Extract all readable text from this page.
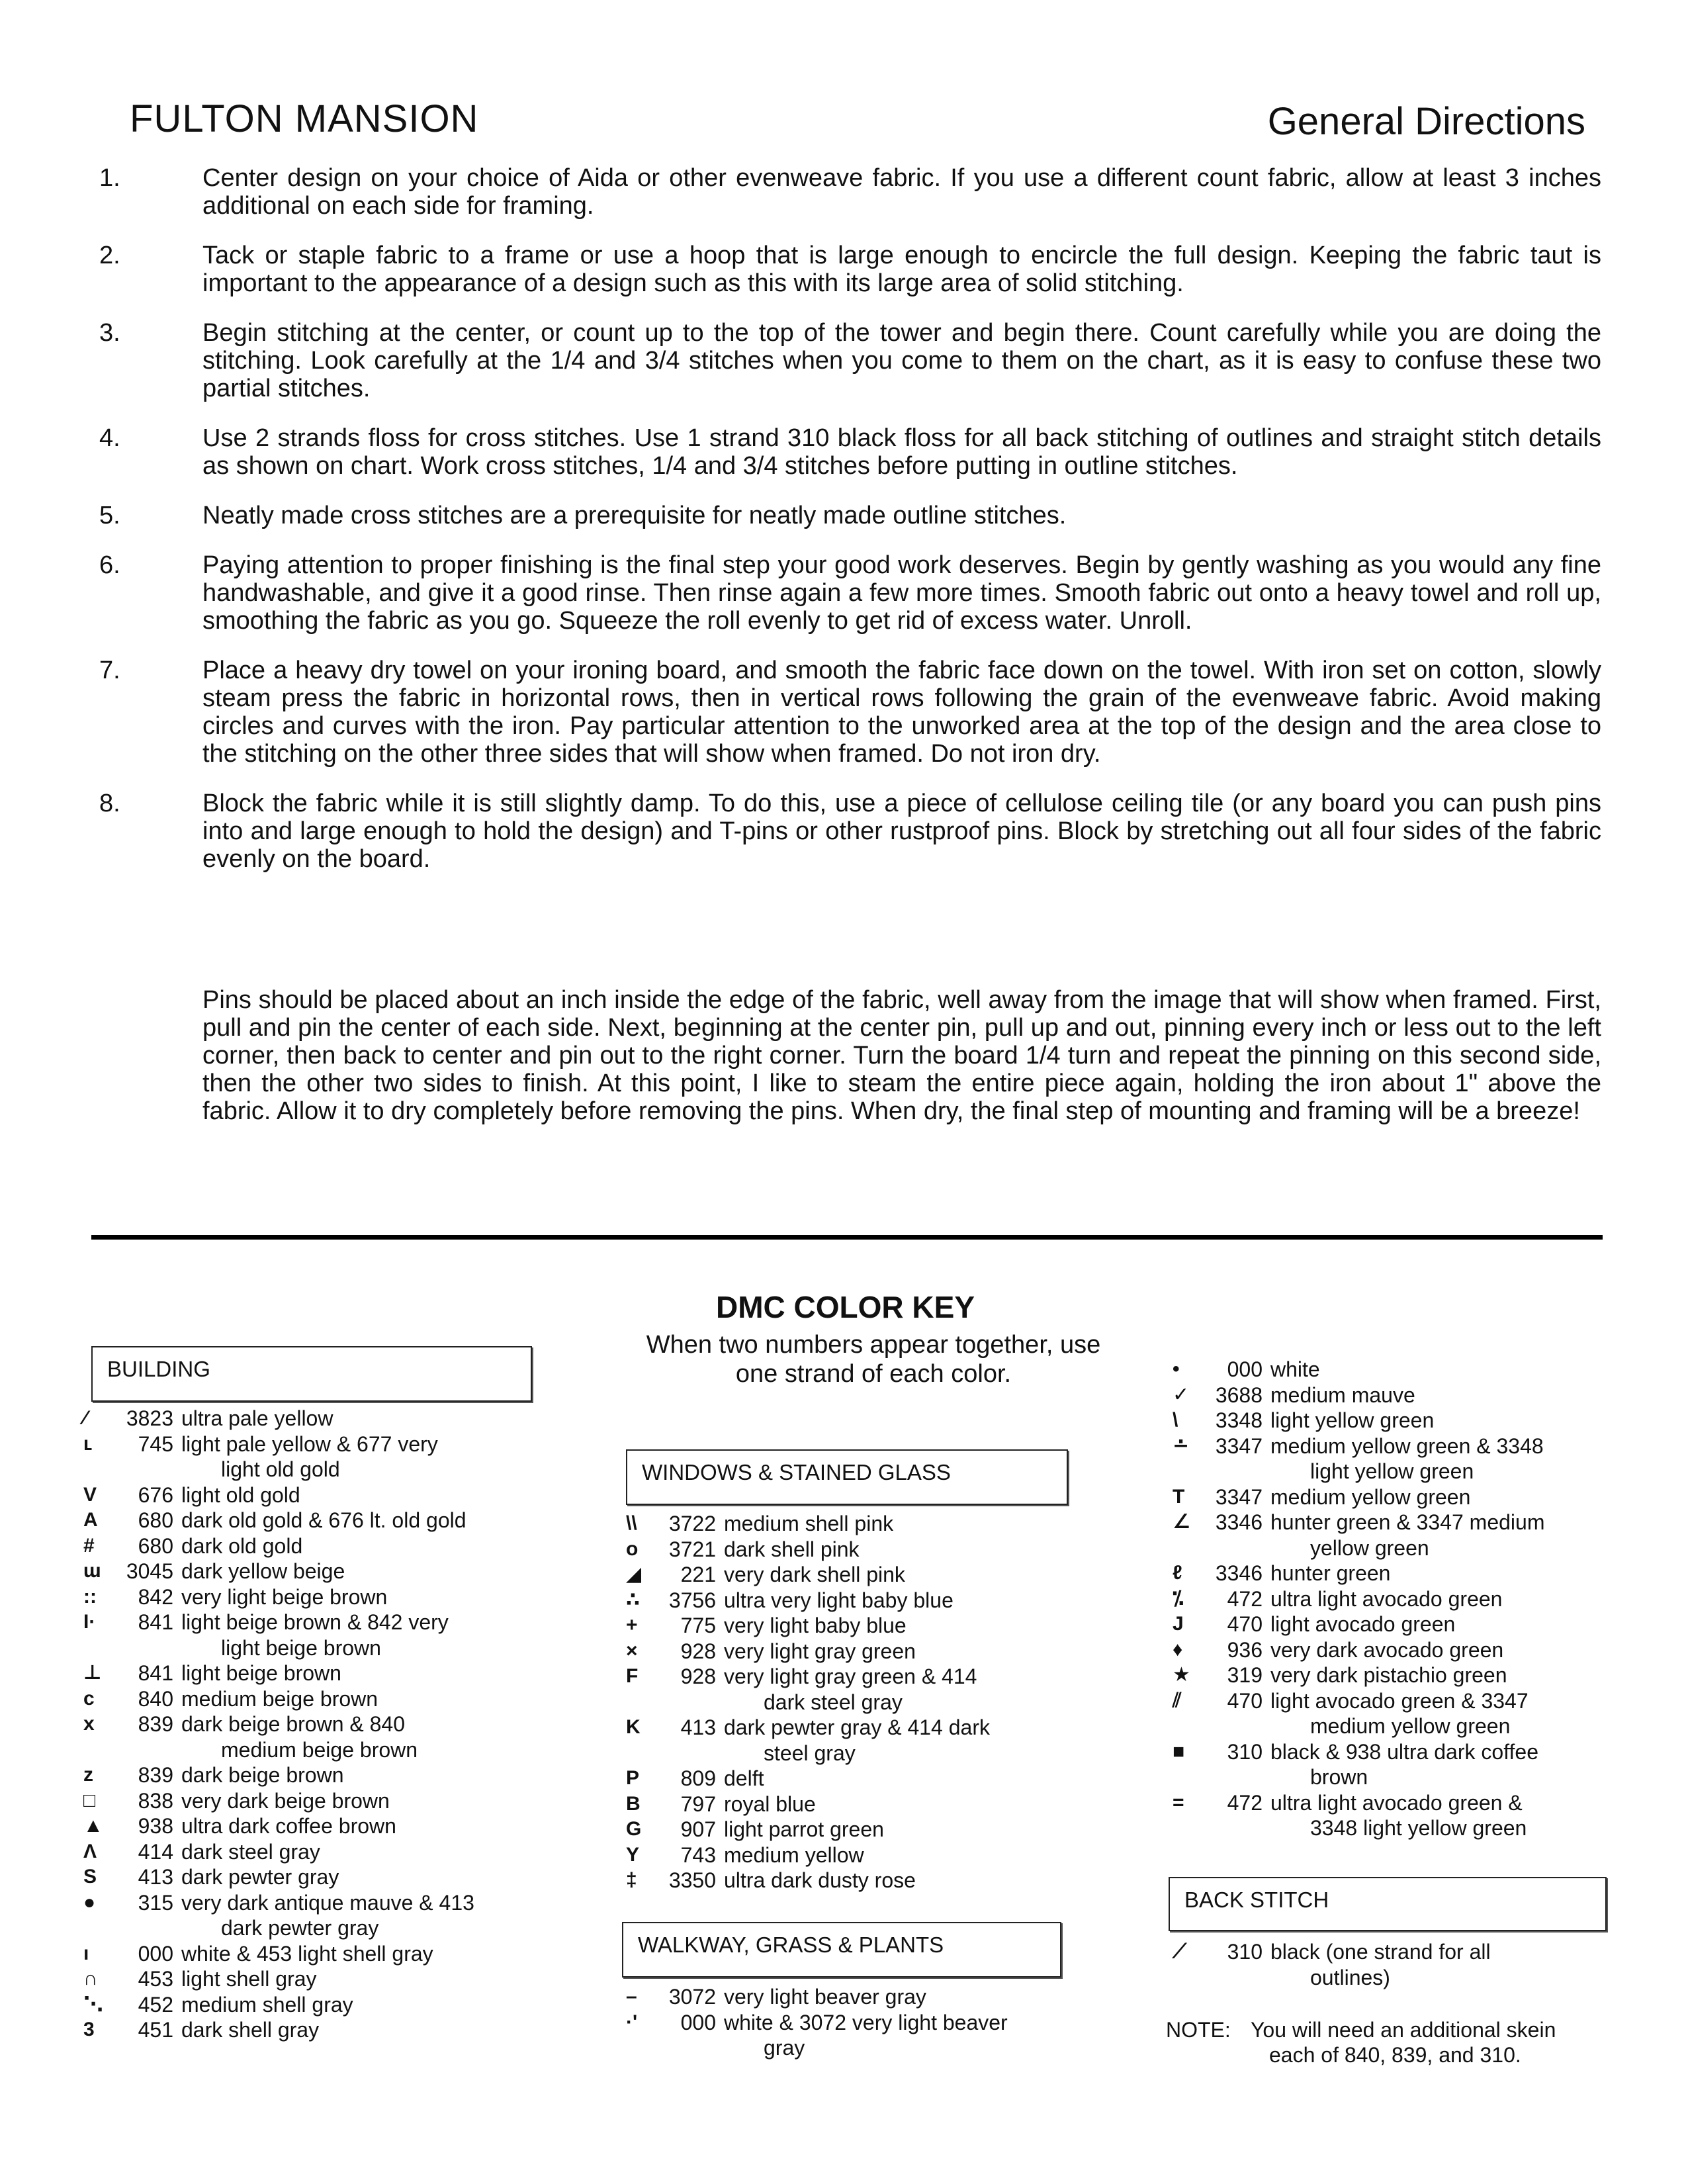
FULTON MANSION	General Directions
1.	Center design on your choice of Aida or other evenweave fabric. If you use a different count fabric, allow at least 3 inches additional on each side for framing.
2.	Tack or staple fabric to a frame or use a hoop that is large enough to encircle the full design. Keeping the fabric taut is important to the appearance of a design such as this with its large area of solid stitching.
3.	Begin stitching at the center, or count up to the top of the tower and begin there. Count carefully while you are doing the stitching. Look carefully at the 1/4 and 3/4 stitches when you come to them on the chart, as it is easy to confuse these two partial stitches.
4.	Use 2 strands floss for cross stitches. Use 1 strand 310 black floss for all back stitching of outlines and straight stitch details as shown on chart. Work cross stitches, 1/4 and 3/4 stitches before putting in outline stitches.
5.	Neatly made cross stitches are a prerequisite for neatly made outline stitches.
6.	Paying attention to proper finishing is the final step your good work deserves. Begin by gently washing as you would any fine handwashable, and give it a good rinse. Then rinse again a few more times. Smooth fabric out onto a heavy towel and roll up, smoothing the fabric as you go. Squeeze the roll evenly to get rid of excess water. Unroll.
7.	Place a heavy dry towel on your ironing board, and smooth the fabric face down on the towel. With iron set on cotton, slowly steam press the fabric in horizontal rows, then in vertical rows following the grain of the evenweave fabric. Avoid making circles and curves with the iron. Pay particular attention to the unworked area at the top of the design and the area close to the stitching on the other three sides that will show when framed. Do not iron dry.
8.	Block the fabric while it is still slightly damp. To do this, use a piece of cellulose ceiling tile (or any board you can push pins into and large enough to hold the design) and T-pins or other rustproof pins. Block by stretching out all four sides of the fabric evenly on the board.
Pins should be placed about an inch inside the edge of the fabric, well away from the image that will show when framed. First, pull and pin the center of each side. Next, beginning at the center pin, pull up and out, pinning every inch or less out to the left corner, then back to center and pin out to the right corner. Turn the board 1/4 turn and repeat the pinning on this second side, then the other two sides to finish. At this point, I like to steam the entire piece again, holding the iron about 1" above the fabric. Allow it to dry completely before removing the pins. When dry, the final step of mounting and framing will be a breeze!
DMC COLOR KEY
When two numbers appear together, use one strand of each color.
BUILDING
WINDOWS & STAINED GLASS
WALKWAY, GRASS & PLANTS
BACK STITCH
⁄	3823 ultra pale yellow
ʟ	745 light pale yellow & 677 very
light old gold
V	676 light old gold
A	680 dark old gold & 676 lt. old gold
#	680 dark old gold
ɯ	3045 dark yellow beige
::	842 very light beige brown
I·	841 light beige brown & 842 very
light beige brown
⊥	841 light beige brown
c	840 medium beige brown
x	839 dark beige brown & 840
medium beige brown
z	839 dark beige brown
□	838 very dark beige brown
▲	938 ultra dark coffee brown
Λ	414 dark steel gray
S	413 dark pewter gray
●	315 very dark antique mauve & 413
dark pewter gray
ı	000 white & 453 light shell gray
∩	453 light shell gray
⋱	452 medium shell gray
3	451 dark shell gray
\\	3722 medium shell pink
o	3721 dark shell pink
◢	221 very dark shell pink
∴	3756 ultra very light baby blue
+	775 very light baby blue
×	928 very light gray green
F	928 very light gray green & 414
dark steel gray
K	413 dark pewter gray & 414 dark
steel gray
P	809 delft
B	797 royal blue
G	907 light parrot green
Y	743 medium yellow
‡	3350 ultra dark dusty rose
–	3072 very light beaver gray
·'	000 white & 3072 very light beaver
gray
•	000 white
✓	3688 medium mauve
\	3348 light yellow green
∸	3347 medium yellow green & 3348
light yellow green
T	3347 medium yellow green
∠	3346 hunter green & 3347 medium
yellow green
ℓ	3346 hunter green
⁒	472 ultra light avocado green
J	470 light avocado green
♦	936 very dark avocado green
★	319 very dark pistachio green
⫽	470 light avocado green & 3347
medium yellow green
■	310 black & 938 ultra dark coffee
brown
=	472 ultra light avocado green &
3348 light yellow green
⟋	310 black (one strand for all
outlines)
NOTE: You will need an additional skein
each of 840, 839, and 310.
